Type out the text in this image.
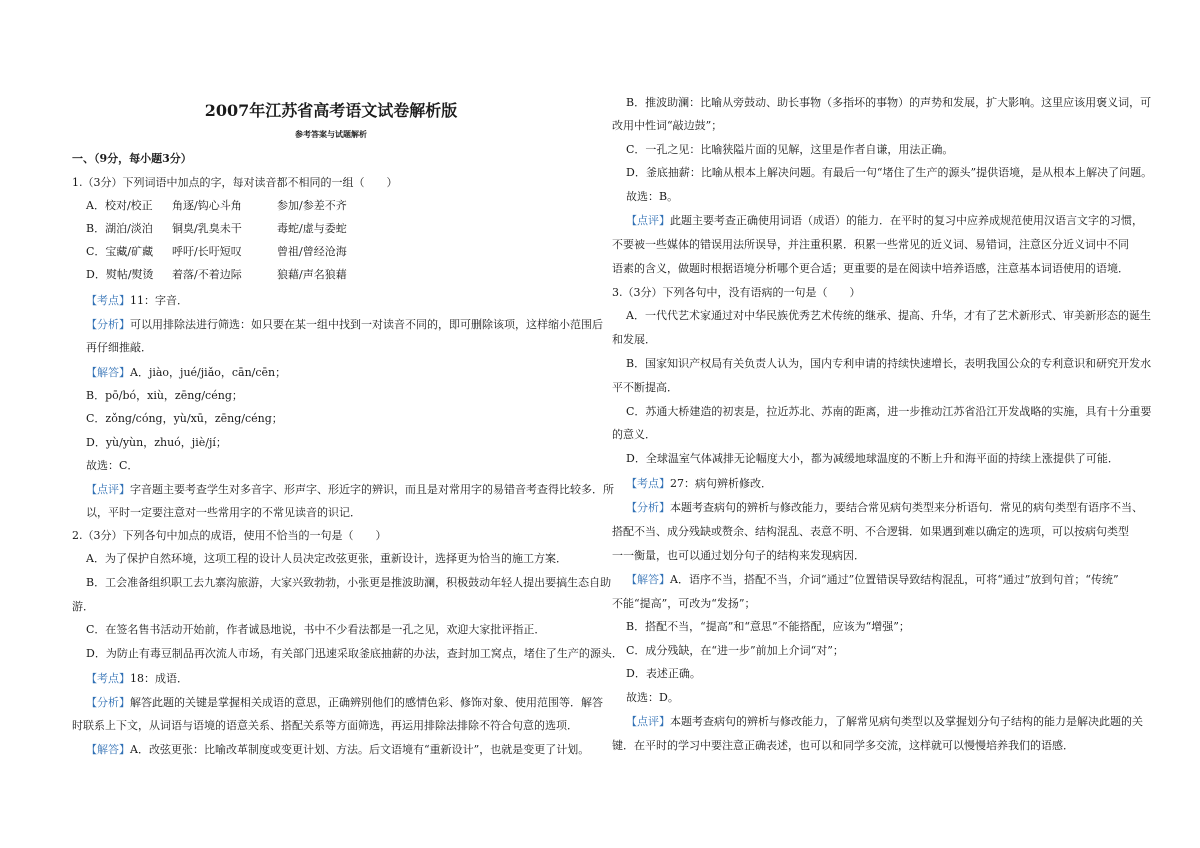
2007年江苏省高考语文试卷解析版
参考答案与试题解析
一、（9分，每小题3分）
1.（3分）下列词语中加点的字，每对读音都不相同的一组（　　）
A．校对/校正 角逐/钩心斗角	参加/参差不齐
B．湖泊/淡泊 铜臭/乳臭未干	毒蛇/虚与委蛇
C．宝藏/矿藏 呼吁/长吁短叹	曾祖/曾经沧海
D．熨帖/熨烫 着落/不着边际	狼藉/声名狼藉
【考点】11：字音．
【分析】可以用排除法进行筛选：如只要在某一组中找到一对读音不同的，即可删除该项，这样缩小范围后
再仔细推敲．
【解答】A．jiào，jué/jiǎo，cān/cēn；
B．pō/bó，xiù，zēng/céng；
C．zǒng/cóng，yù/xū，zēng/céng；
D．yù/yùn，zhuó，jiè/jí；
故选：C．
【点评】字音题主要考查学生对多音字、形声字、形近字的辨识，而且是对常用字的易错音考查得比较多．所
以，平时一定要注意对一些常用字的不常见读音的识记．
2.（3分）下列各句中加点的成语，使用不恰当的一句是（　　）
A．为了保护自然环境，这项工程的设计人员决定改弦更张，重新设计，选择更为恰当的施工方案．
B．工会准备组织职工去九寨沟旅游，大家兴致勃勃，小张更是推波助澜，积极鼓动年轻人提出要搞生态自助
游．
C．在签名售书活动开始前，作者诚恳地说，书中不少看法都是一孔之见，欢迎大家批评指正．
D．为防止有毒豆制品再次流人市场，有关部门迅速采取釜底抽薪的办法，查封加工窝点，堵住了生产的源头．
【考点】18：成语．
【分析】解答此题的关键是掌握相关成语的意思，正确辨别他们的感情色彩、修饰对象、使用范围等．解答
时联系上下文，从词语与语境的语意关系、搭配关系等方面筛选，再运用排除法排除不符合句意的选项．
【解答】A．改弦更张：比喻改革制度或变更计划、方法。后文语境有“重新设计”，也就是变更了计划。
B．推波助澜：比喻从旁鼓动、助长事物（多指坏的事物）的声势和发展，扩大影响。这里应该用褒义词，可
改用中性词“敲边鼓”；
C．一孔之见：比喻狭隘片面的见解，这里是作者自谦，用法正确。
D．釜底抽薪：比喻从根本上解决问题。有最后一句“堵住了生产的源头”提供语境，是从根本上解决了问题。
故选：B。
【点评】此题主要考查正确使用词语（成语）的能力．在平时的复习中应养成规范使用汉语言文字的习惯，
不要被一些媒体的错误用法所误导，并注重积累．积累一些常见的近义词、易错词，注意区分近义词中不同
语素的含义，做题时根据语境分析哪个更合适；更重要的是在阅读中培养语感，注意基本词语使用的语境．
3.（3分）下列各句中，没有语病的一句是（　　）
A．一代代艺术家通过对中华民族优秀艺术传统的继承、提高、升华，才有了艺术新形式、审美新形态的诞生
和发展．
B．国家知识产权局有关负责人认为，国内专利申请的持续快速增长，表明我国公众的专利意识和研究开发水
平不断提高．
C．苏通大桥建造的初衷是，拉近苏北、苏南的距离，进一步推动江苏省沿江开发战略的实施，具有十分重要
的意义．
D．全球温室气体减排无论幅度大小，都为减缓地球温度的不断上升和海平面的持续上涨提供了可能．
【考点】27：病句辨析修改．
【分析】本题考查病句的辨析与修改能力，要结合常见病句类型来分析语句．常见的病句类型有语序不当、
搭配不当、成分残缺或赘余、结构混乱、表意不明、不合逻辑．如果遇到难以确定的选项，可以按病句类型
一一衡量，也可以通过划分句子的结构来发现病因．
【解答】A．语序不当，搭配不当，介词“通过”位置错误导致结构混乱，可将“通过”放到句首；“传统”
不能“提高”，可改为“发扬”；
B．搭配不当，“提高”和“意思”不能搭配，应该为“增强”；
C．成分残缺，在“进一步”前加上介词“对”；
D．表述正确。
故选：D。
【点评】本题考查病句的辨析与修改能力，了解常见病句类型以及掌握划分句子结构的能力是解决此题的关
键．在平时的学习中要注意正确表述，也可以和同学多交流，这样就可以慢慢培养我们的语感．
